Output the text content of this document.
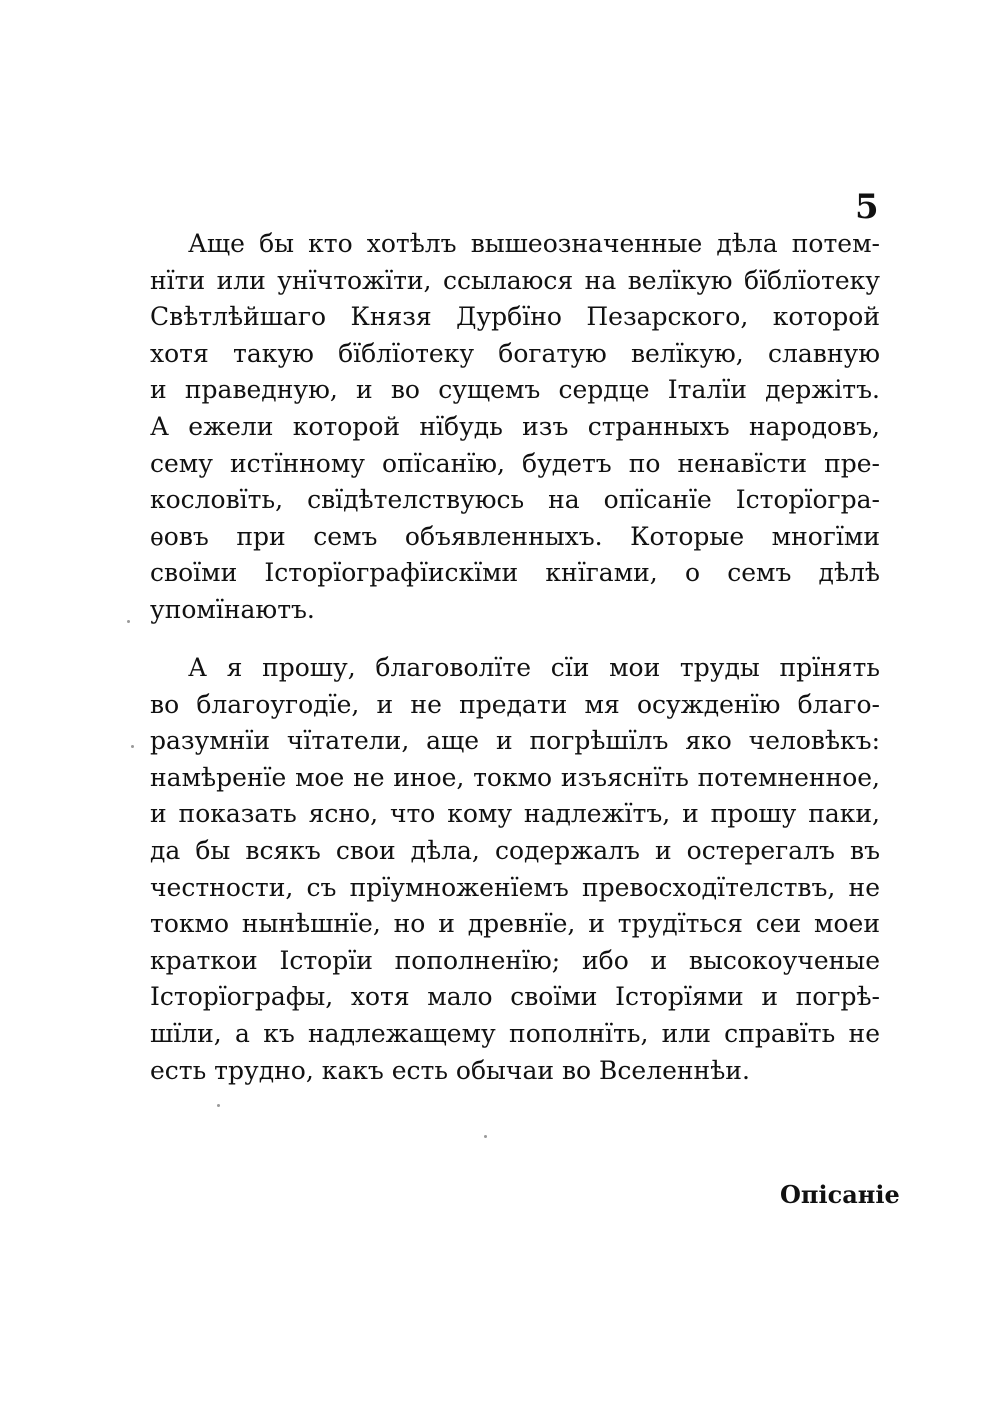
5
Аще бы кто хотѣлъ вышеозначенные дѣла потем-
нїти или унїчтожїти, ссылаюся на велїкую бїблїотеку
Свѣтлѣйшаго Князя Дурбїно Пезарского, которой
хотя такую бїблїотеку богатую велїкую, славную
и праведную, и во сущемъ сердце Італїи держітъ.
А ежели которой нїбудь изъ странныхъ народовъ,
сему истїнному опїсанїю, будетъ по ненавїсти пре-
кословїть, свїдѣтелствуюсь на опїсанїе Історїогра-
ѳовъ при семъ объявленныхъ. Которые многїми
своїми Історїографїискїми кнїгами, о семъ дѣлѣ
упомїнаютъ.
А я прошу, благоволїте сїи мои труды прїнять
во благоугодїе, и не предати мя осужденїю благо-
разумнїи чїтатели, аще и погрѣшїлъ яко человѣкъ:
намѣренїе мое не иное, токмо изъяснїть потемненное,
и показать ясно, что кому надлежїтъ, и прошу паки,
да бы всякъ свои дѣла, содержалъ и остерегалъ въ
честности, съ прїумноженїемъ превосходїтелствъ, не
токмо нынѣшнїе, но и древнїе, и трудїться сеи моеи
краткои Історїи пополненїю; ибо и высокоученые
Історїографы, хотя мало своїми Історїями и погрѣ-
шїли, а къ надлежащему пополнїть, или справїть не
есть трудно, какъ есть обычаи во Вселеннѣи.
Опісаніе
